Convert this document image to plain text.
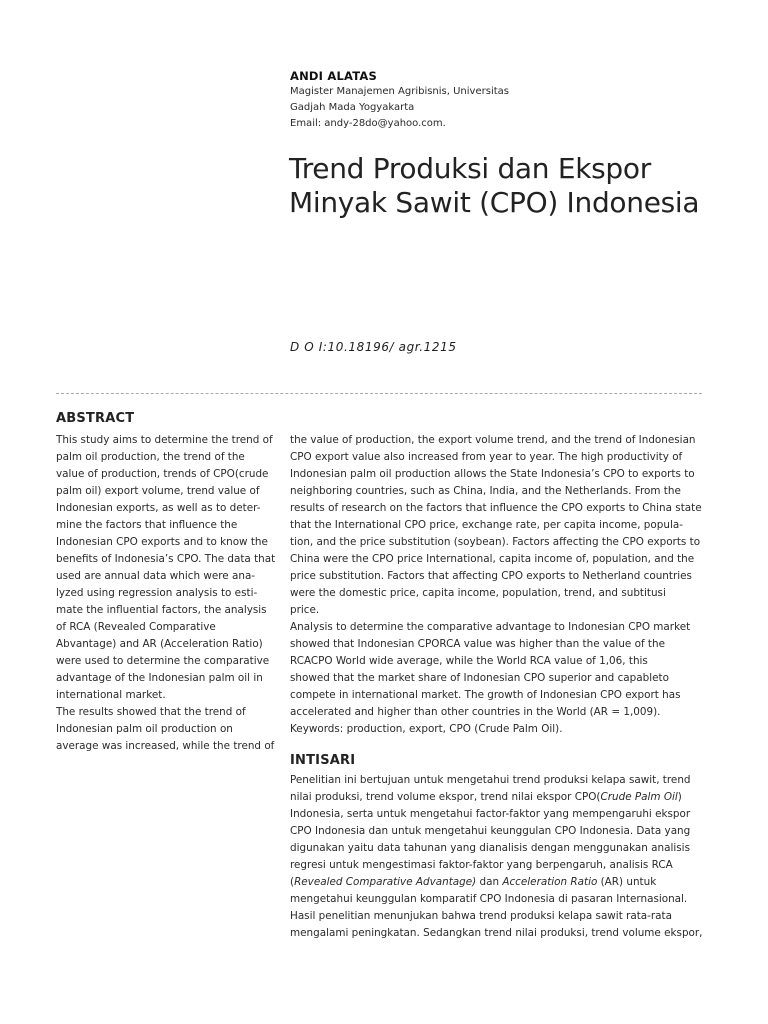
ANDI ALATAS
Magister Manajemen Agribisnis, Universitas
Gadjah Mada Yogyakarta
Email: andy-28do@yahoo.com.
Trend Produksi dan Ekspor
Minyak Sawit (CPO) Indonesia
D O I:10.18196/ agr.1215
ABSTRACT
This study aims to determine the trend of
palm oil production, the trend of the
value of production, trends of CPO(crude
palm oil) export volume, trend value of
Indonesian exports, as well as to deter-
mine the factors that influence the
Indonesian CPO exports and to know the
benefits of Indonesia’s CPO. The data that
used are annual data which were ana-
lyzed using regression analysis to esti-
mate the influential factors, the analysis
of RCA (Revealed Comparative
Abvantage) and AR (Acceleration Ratio)
were used to determine the comparative
advantage of the Indonesian palm oil in
international market.
The results showed that the trend of
Indonesian palm oil production on
average was increased, while the trend of
the value of production, the export volume trend, and the trend of Indonesian
CPO export value also increased from year to year. The high productivity of
Indonesian palm oil production allows the State Indonesia’s CPO to exports to
neighboring countries, such as China, India, and the Netherlands. From the
results of research on the factors that influence the CPO exports to China state
that the International CPO price, exchange rate, per capita income, popula-
tion, and the price substitution (soybean). Factors affecting the CPO exports to
China were the CPO price International, capita income of, population, and the
price substitution. Factors that affecting CPO exports to Netherland countries
were the domestic price, capita income, population, trend, and subtitusi
price.
Analysis to determine the comparative advantage to Indonesian CPO market
showed that Indonesian CPORCA value was higher than the value of the
RCACPO World wide average, while the World RCA value of 1,06, this
showed that the market share of Indonesian CPO superior and capableto
compete in international market. The growth of Indonesian CPO export has
accelerated and higher than other countries in the World (AR = 1,009).
Keywords: production, export, CPO (Crude Palm Oil).
INTISARI
Penelitian ini bertujuan untuk mengetahui trend produksi kelapa sawit, trend
nilai produksi, trend volume ekspor, trend nilai ekspor CPO(Crude Palm Oil)
Indonesia, serta untuk mengetahui factor-faktor yang mempengaruhi ekspor
CPO Indonesia dan untuk mengetahui keunggulan CPO Indonesia. Data yang
digunakan yaitu data tahunan yang dianalisis dengan menggunakan analisis
regresi untuk mengestimasi faktor-faktor yang berpengaruh, analisis RCA
(Revealed Comparative Advantage) dan Acceleration Ratio (AR) untuk
mengetahui keunggulan komparatif CPO Indonesia di pasaran Internasional.
Hasil penelitian menunjukan bahwa trend produksi kelapa sawit rata-rata
mengalami peningkatan. Sedangkan trend nilai produksi, trend volume ekspor,
